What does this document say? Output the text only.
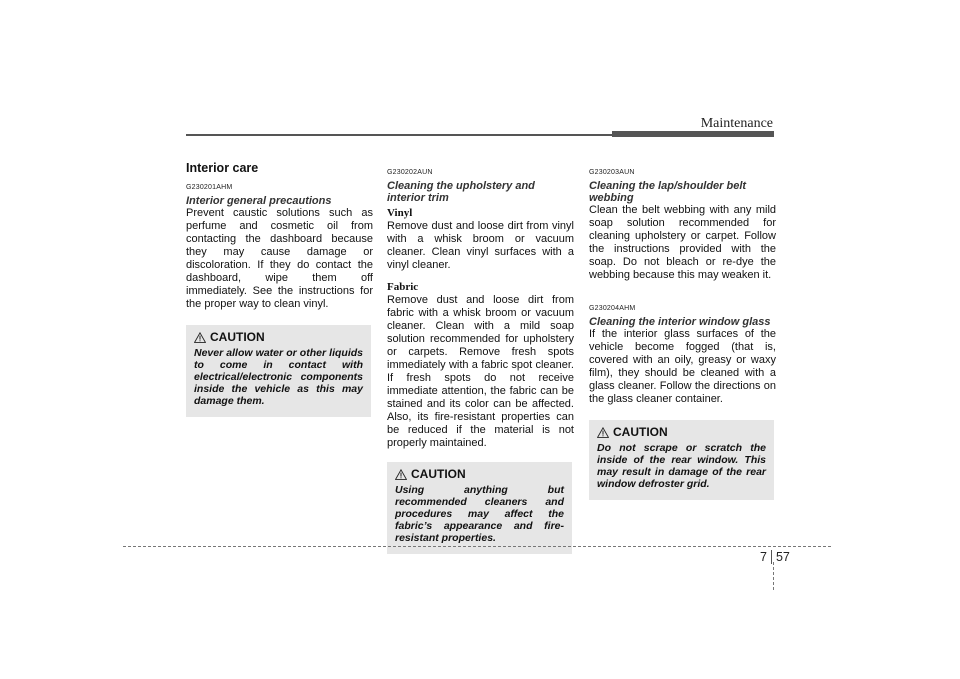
Maintenance
Interior care
G230201AHM
Interior general precautions

Prevent caustic solutions such as perfume and cosmetic oil from contacting the dashboard because they may cause damage or discoloration. If they do contact the dashboard, wipe them off immediately. See the instructions for the proper way to clean vinyl.

CAUTION
Never allow water or other liquids to come in contact with electrical/electronic components inside the vehicle as this may damage them.
G230202AUN
Cleaning the upholstery and interior trim
Vinyl

Remove dust and loose dirt from vinyl with a whisk broom or vacuum cleaner. Clean vinyl surfaces with a vinyl cleaner.

Fabric

Remove dust and loose dirt from fabric with a whisk broom or vacuum cleaner. Clean with a mild soap solution recommended for upholstery or carpets. Remove fresh spots immediately with a fabric spot cleaner. If fresh spots do not receive immediate attention, the fabric can be stained and its color can be affected. Also, its fire-resistant properties can be reduced if the material is not properly maintained.

CAUTION
Using anything but recommended cleaners and procedures may affect the fabric’s appearance and fire-resistant properties.
G230203AUN
Cleaning the lap/shoulder belt webbing

Clean the belt webbing with any mild soap solution recommended for cleaning upholstery or carpet. Follow the instructions provided with the soap. Do not bleach or re-dye the webbing because this may weaken it.

G230204AHM
Cleaning the interior window glass

If the interior glass surfaces of the vehicle become fogged (that is, covered with an oily, greasy or waxy film), they should be cleaned with a glass cleaner. Follow the directions on the glass cleaner container.

CAUTION
Do not scrape or scratch the inside of the rear window. This may result in damage of the rear window defroster grid.
7 57
